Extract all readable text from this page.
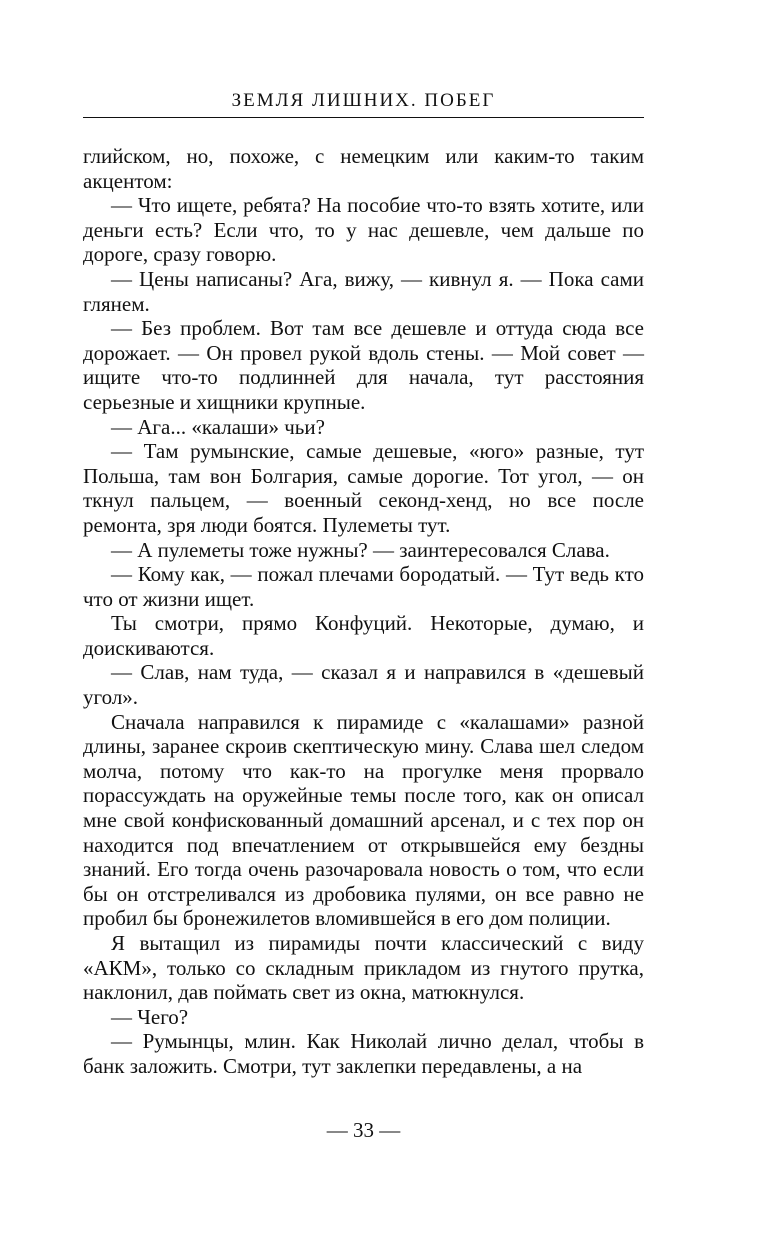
ЗЕМЛЯ ЛИШНИХ. ПОБЕГ

глийском, но, похоже, с немецким или каким-то таким акцентом:

— Что ищете, ребята? На пособие что-то взять хотите, или деньги есть? Если что, то у нас дешевле, чем дальше по дороге, сразу говорю.

— Цены написаны? Ага, вижу, — кивнул я. — Пока сами глянем.

— Без проблем. Вот там все дешевле и оттуда сюда все дорожает. — Он провел рукой вдоль стены. — Мой совет — ищите что-то подлинней для начала, тут расстояния серьезные и хищники крупные.

— Ага... «калаши» чьи?

— Там румынские, самые дешевые, «юго» разные, тут Польша, там вон Болгария, самые дорогие. Тот угол, — он ткнул пальцем, — военный секонд-хенд, но все после ремонта, зря люди боятся. Пулеметы тут.

— А пулеметы тоже нужны? — заинтересовался Слава.

— Кому как, — пожал плечами бородатый. — Тут ведь кто что от жизни ищет.

Ты смотри, прямо Конфуций. Некоторые, думаю, и доискиваются.

— Слав, нам туда, — сказал я и направился в «дешевый угол».

Сначала направился к пирамиде с «калашами» разной длины, заранее скроив скептическую мину. Слава шел следом молча, потому что как-то на прогулке меня прорвало порассуждать на оружейные темы после того, как он описал мне свой конфискованный домашний арсенал, и с тех пор он находится под впечатлением от открывшейся ему бездны знаний. Его тогда очень разочаровала новость о том, что если бы он отстреливался из дробовика пулями, он все равно не пробил бы бронежилетов вломившейся в его дом полиции.

Я вытащил из пирамиды почти классический с виду «АКМ», только со складным прикладом из гнутого прутка, наклонил, дав поймать свет из окна, матюкнулся.

— Чего?

— Румынцы, млин. Как Николай лично делал, чтобы в банк заложить. Смотри, тут заклепки передавлены, а на

— 33 —
